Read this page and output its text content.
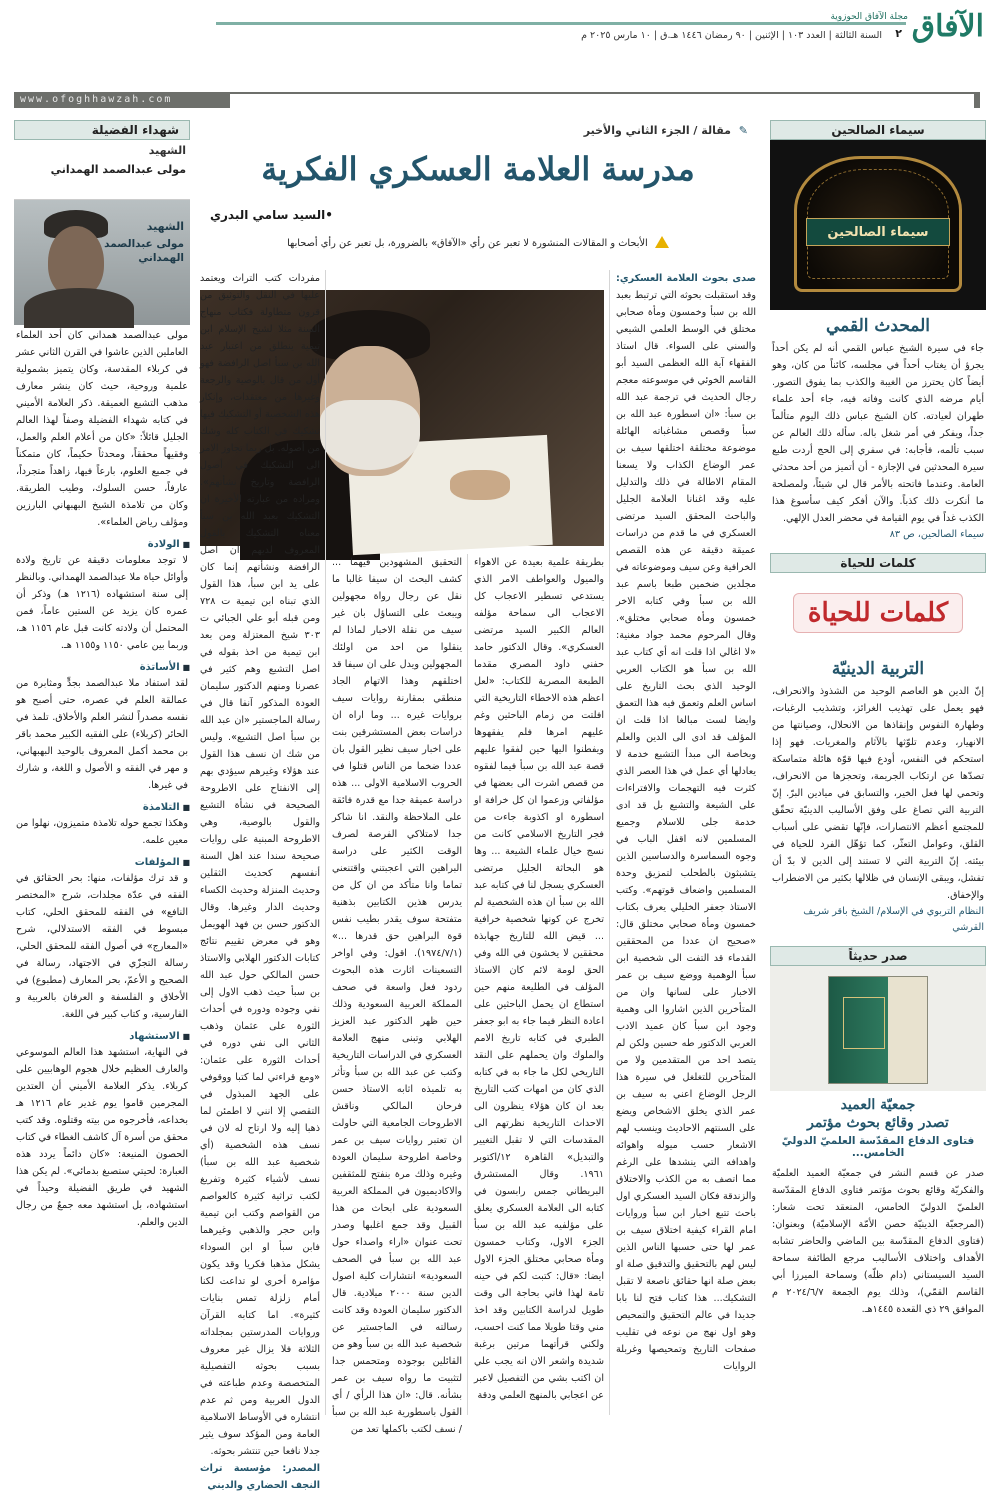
الآفاق
مجلة الآفاق الحوزوية
٢
السنة الثالثة | العدد ١٠٣ | الإثنين | ٩٠ رمضان ١٤٤٦ هـ.ق | ١٠ مارس ٢٠٢٥ م
www.ofoghhawzah.com
سيماء الصالحين
سيماء الصالحين
المحدث القمي
جاء في سيرة الشيخ عباس القمي أنه لم يكن أحداً يجرؤ أن يغتاب أحداً في مجلسه، كائناً من كان، وهو أيضاً كان يحترز من الغيبة والكذب بما يفوق التصور. أيام مرضه الذي كانت وفاته فيه، جاء أحد علماء طهران لعيادته. كان الشيخ عباس ذلك اليوم متألماً جداً، ويفكر في أمر شغل باله. سأله ذلك العالم عن سبب تألمه، فأجابه: في سفري إلى الحج أردت طبع سيرة المحدثين في الإجازة - أن أتميز من أحد محدثي العامة. وعندما فاتحته بالأمر قال لي شيئاً، ولمصلحة ما أنكرت ذلك كذباً. والآن أفكر كيف سأسوغ هذا الكذب غداً في يوم القيامة في محضر العدل الإلهي.
سيماء الصالحين، ص ٨٣
كلمات للحياة
كلمات للحياة
التربية الدينيّة
إنّ الدين هو العاصم الوحيد من الشذوذ والانحراف، فهو يعمل على تهذيب الغرائز، وتشذيب الرغبات، وطهارة النفوس وإنقاذها من الانحلال، وصيانتها من الانهيار، وعدم تلوّثها بالآثام والمغريات. فهو إذا استحكم في النفس، أودع فيها قوّة هائلة متماسكة تصدّها عن ارتكاب الجريمة، وتحجزها من الانحراف، وتحمي لها فعل الخير، والتسابق في ميادين البرّ. إنّ التربية التي تصاغ على وفق الأساليب الدينيّة تحقّق للمجتمع أعظم الانتصارات، فإنّها تقضي على أسباب القلق، وعوامل التعثّر، كما تؤهّل الفرد للحياة في بيئته. إنّ التربية التي لا تستند إلى الدين لا بدّ أن تفشل، ويبقى الإنسان في ظلالها بكثير من الاضطراب والإخفاق.
النظام التربوي في الإسلام/ الشيخ باقر شريف القرشي
صدر حديثاً
جمعيّة العميد
تصدر وقائع بحوث مؤتمر
فتاوى الدفاع المقدّسة العلميّ الدوليّ الخامس...
صدر عن قسم النشر في جمعيّة العميد العلميّة والفكريّة وقائع بحوث مؤتمر فتاوى الدفاع المقدّسة العلميّ الدوليّ الخامس، المنعقد تحت شعار: (المرجعيّة الدينيّة حصن الأمّة الإسلاميّة) وبعنوان: (فتاوى الدفاع المقدّسة بين الماضي والحاضر تشابه الأهداف واختلاف الأساليب مرجع الطائفة سماحة السيد السيستاني (دام ظلّه) وسماحة الميرزا أبي القاسم القمّي)، وذلك يوم الجمعة ٢٠٢٤/٦/٧ م الموافق ٢٩ ذي القعدة ١٤٤٥هـ.
شهداء الفضيلة
الشهيد
مولى عبدالصمد الهمداني
الشهيد
مولى عبدالصمد الهمداني
مولى عبدالصمد همداني كان أحد العلماء العاملين الذين عاشوا في القرن الثاني عشر في كربلاء المقدسة، وكان يتميز بشمولية علمية وروحية، حيث كان ينشر معارف مذهب التشيع العميقة. ذكر العلامة الأميني في كتابه شهداء الفضيلة وصفاً لهذا العالم الجليل قائلاً: «كان من أعلام العلم والعمل، وفقيهاً محققاً، ومحدثاً حكيماً، كان متمكناً في جميع العلوم، بارعاً فيها، زاهداً متجرداً، عارفاً، حسن السلوك، وطيب الطريقة. وكان من تلامذة الشيخ البهبهاني البارزين ومؤلف رياض العلماء».
■ الولادة
لا توجد معلومات دقيقة عن تاريخ ولادة وأوائل حياة ملا عبدالصمد الهمداني. وبالنظر إلى سنة استشهاده (١٢١٦ هـ) وذكر أن عمره كان يزيد عن الستين عاماً، فمن المحتمل أن ولادته كانت قبل عام ١١٥٦ هـ، وربما بين عامي ١١٥٠ و١١٥٥ هـ.
■ الأساتذة
لقد استفاد ملا عبدالصمد بجدٍّ ومثابرة من عمالقة العلم في عصره، حتى أصبح هو نفسه مصدراً لنشر العلم والأخلاق. تلمذ في الحائر (كربلاء) على الفقيه الكبير محمد باقر بن محمد أكمل المعروف بالوحيد البهبهاني، و مهر في الفقه و الأصول و اللغة، و شارك في غيرها.
■ التلامذة
وهكذا تجمع حوله تلامذة متميزون، نهلوا من معين علمه.
■ المؤلفات
و قد ترك مؤلفات، منها: بحر الحقائق في الفقه في عدّة مجلدات، شرح «المختصر النافع» في الفقه للمحقق الحلي، كتاب مبسوط في الفقه الاستدلالي، شرح «المعارج» في أصول الفقه للمحقق الحلي، رسالة التجزّي في الاجتهاد، رسالة في الصحيح و الأعمّ، بحر المعارف (مطبوع) في الأخلاق و الفلسفة و العرفان بالعربية و الفارسية، و كتاب كبير في اللغة.
■ الاستشهاد
في النهاية، استشهد هذا العالم الموسوعي والعارف العظيم خلال هجوم الوهابيين على كربلاء. يذكر العلامة الأميني أن العتدين المجرمين قاموا يوم غدير عام ١٢١٦ هـ بخداعه، فأخرجوه من بيته وقتلوه. وقد كتب محقق من أسرة آل كاشف الغطاء في كتاب الحصون المنيعة: «كان دائماً يردد هذه العبارة: لحيتي ستصبغ بدمائي». لم يكن هذا الشهيد في طريق الفضيلة وحيداً في استشهاده، بل استشهد معه جمعٌ من رجال الدين والعلم.
✎ مقالة / الجزء الثاني والأخير
مدرسة العلامة العسكري الفكرية
•السيد سامي البدري
الأبحاث و المقالات المنشورة لا تعبر عن رأي «الآفاق» بالضرورة، بل تعبر عن رأي أصحابها
صدى بحوث العلامة العسكري: وقد استقبلت بحوثه التي ترتبط بعبد الله بن سبأ وخمسون ومأة صحابي مختلق في الوسط العلمي الشيعي والسني على السواء. قال استاذ الفقهاء آية الله العظمى السيد أبو القاسم الخوئي في موسوعته معجم رجال الحديث في ترجمة عبد الله بن سبأ: «ان اسطورة عبد الله بن سبأ وقصص مشاغباته الهائلة موضوعة مختلقة اختلقها سيف بن عمر الوضاع الكذاب ولا يسعنا المقام الاطالة في ذلك والتدليل عليه وقد اغنانا العلامة الجليل والباحث المحقق السيد مرتضى العسكري في ما قدم من دراسات عميقة دقيقة عن هذه القصص الخرافية وعن سيف وموضوعاته في مجلدين ضخمين طبعا باسم عبد الله بن سبأ وفي كتابه الاخر خمسون ومأة صحابي مختلق». وقال المرحوم محمد جواد مغنية: «لا اغالي اذا قلت انه أي كتاب عبد الله بن سبأ هو الكتاب العربي الوحيد الذي بحث التاريخ على اساس العلم وتعمق فيه هذا التعمق وايضا لست مبالغا اذا قلت ان المؤلف قد ادى الى الدين والعلم وبخاصة الى مبدأ التشيع خدمة لا يعادلها أي عمل في هذا العصر الذي كثرت فيه التهجمات والافتراءات على الشيعة والتشيع بل قد ادى خدمة جلى للاسلام وجميع المسلمين لانه اقفل الباب في وجوه السماسرة والدساسين الذين يتشبثون بالطحلب لتمزيق وحدة المسلمين واضعاف قوتهم». وكتب الاستاذ جعفر الخليلي يعرف بكتاب خمسون ومأة صحابي مختلق قال: «صحيح ان عددا من المحققين القدماء قد التفت الى شخصية ابن سبأ الوهمية ووضع سيف بن عمر الاخبار على لسانها وان من المتأخرين الذين اشاروا الى وهمية وجود ابن سبأ كان عميد الادب العربي الدكتور طه حسين ولكن لم يتصد احد من المتقدمين ولا من المتأخرين للتغلغل في سيرة هذا الرجل الوضاع اعني به سيف بن عمر الذي يخلق الاشخاص ويضع على السنتهم الاحاديث وينسب لهم الاشعار حسب ميوله واهوائه واهدافه التي ينشدها على الرغم مما اتصف به من الكذب والاختلاق والزندقة فكان السيد العسكري اول باحث تتبع اخبار ابن سبأ وروايات امام القراء كيفية اختلاق سيف بن عمر لها حتى حسبها الناس الذين ليس لهم بالتحقيق والتدقيق صلة او بعض صلة انها حقائق ناصعة لا تقبل التشكيك... هذا كتاب فتح لنا بابا جديدا في عالم التحقيق والتمحيص وهو اول نهج من نوعه في تقليب صفحات التاريخ وتمحيصها وغربلة الروايات
بطريقة علمية بعيدة عن الاهواء والميول والعواطف الامر الذي يستدعي تسطير الاعجاب كل الاعجاب الى سماحة مؤلفه العالم الكبير السيد مرتضى العسكري». وقال الدكتور حامد حفني داود المصري مقدما الطبعة المصرية للكتاب: «لعل اعظم هذه الاخطاء التاريخية التي افلتت من زمام الباحثين وغم عليهم امرها فلم يفقهوها ويفطنوا اليها حين لفقوا عليهم قصة عبد الله بن سبأ فيما لفقوه من قصص اشرت الى بعضها في مؤلفاتي وزعموا ان كل خرافة او اسطورة او اكذوبة جاءت من فجر التاريخ الاسلامي كانت من نسج خيال علماء الشيعة ... وها هو البحاثة الجليل مرتضى العسكري يسجل لنا في كتابه عبد الله بن سبأ ان هذه الشخصية لم تخرج عن كونها شخصية خرافية ... قيض الله للتاريخ جهابذة محققين لا يخشون في الله وفي الحق لومة لائم كان الاستاذ المؤلف في الطليعة منهم حين استطاع ان يحمل الباحثين على اعادة النظر فيما جاء به ابو جعفر الطبري في كتابه تاريخ الامم والملوك وان يحملهم على النقد التاريخي لكل ما جاء به في كتابه الذي كان من امهات كتب التاريخ بعد ان كان هؤلاء ينظرون الى الاحداث التاريخية نظرتهم الى المقدسات التي لا تقبل التغيير والتبديل» القاهرة ١٢/اكتوبر ١٩٦١. وقال المستشرق البريطاني جمس رابسون في كتابه الى العلامة العسكري يعلق على مؤلفيه عبد الله بن سبأ الجزء الاول، وكتاب خمسون ومأة صحابي مختلق الجزء الاول ايضا: «قال: كتبت لكم في حينه تامة لهذا فاني بحاجة الى وقت طويل لدراسة الكتابين وقد اخذ مني وقتا طويلا مما كنت احسب، ولكني قرأتهما مرتين برغبة شديدة واشعر الان انه يجب علي ان اكتب بشي من التفصيل لاعبر عن اعجابي بالمنهج العلمي ودقة
التحقيق المشهودين فيهما ... كشف البحث ان سيفا غالبا ما نقل عن رجال رواة مجهولين ويبعث على التساؤل بان غير سيف من نقلة الاخبار لماذا لم ينقلوا من احد من اولئك المجهولين ويدل على ان سيفا قد اختلقهم وهذا الاتهام الجاد منطقي بمقارنة روايات سيف بروايات غيره ... وما اراه ان دراسات بعض المستشرقين بنت على اخبار سيف نظير القول بان عددا ضخما من الناس قتلوا في الحروب الاسلامية الاولى ... هذه دراسة عميقة جدا مع قدرة فائقة على الملاحظة والنقد. انا شاكر جدا لامتلاكي الفرصة لصرف الوقت الكثير على دراسة البراهين التي اعجبتني واقتنعني تماما وانا متأكد من ان كل من يدرس هذين الكتابين بذهنية متفتحة سوف يقدر بطيب نفس قوة البراهين حق قدرها ...» (١٩٧٤/٧/١). اقول: وفي اواخر التسعينات اثارت هذه البحوث ردود فعل واسعة في صحف المملكة العربية السعودية وذلك حين ظهر الدكتور عبد العزيز الهلابي وتبنى منهج العلامة العسكري في الدراسات التاريخية وكتب عن عبد الله بن سبأ وتأثر به تلميذه اثابه الاستاذ حسن فرحان المالكي وناقش الاطروحات الجامعية التي حاولت ان تعتبر روايات سيف بن عمر وخاصة اطروحة سليمان العودة وغيره وذلك مرة بنفتح للمثقفين والاكاديميون في المملكة العربية السعودية على ابحاث من هذا القبيل وقد جمع اغلبها وصدر تحت عنوان «اراء واصداء حول عبد الله بن سبأ في الصحف السعودية» انتشارات كلية اصول الدين سنة ٢٠٠٠ ميلادية. قال الدكتور سليمان العودة وقد كانت رسالته في الماجستير عن شخصية عبد الله بن سبأ وهو من القائلين بوجوده ومتحمس جدا لتثبيت ما رواه سيف بن عمر بشأنه. قال: «ان هذا الرأي / أي القول باسطورية عبد الله بن سبأ / نسف لكتب باكملها تعد من
مفردات كتب التراث ويعتمد عليها في النقل والتوثيق من قرون متطاولة فكتاب منهاج السنة مثلا لشيخ الإسلام ابن تيمية ينطلق من اعتبار عبد الله بن سبأ اصل الرافضة فهو أول من قال بالوصية والرجعة وغيرها من معتقدات، وإنكار هذه الشخصية أو التشكيك فيها تشكيك في الكتاب كله وشك من أصوله. بل ربما تجاوز الامر الى التشكيك في أصول الرافضة وتاريخ نشأتهم». ومراده من عبارته الأخيرة ان التشكيك بعبد الله بن سبأ معناه التشكيك بالقول المعروف لديهم ان اصل الرافضة ونشأتهم إنما كان على يد ابن سبأ، هذا القول الذي تبناه ابن تيمية ت ٧٢٨ ومن قبله أبو علي الجبائي ت ٣٠٣ شيخ المعتزلة ومن بعد ابن تيمية من اخذ بقوله في اصل التشيع وهم كثير في عصرنا ومنهم الدكتور سليمان العودة المذكور آنفا قال في رسالة الماجستير «ان عبد الله بن سبأ اصل التشيع». وليس من شك ان نسف هذا القول عند هؤلاء وغيرهم سيؤدي بهم إلى الانفتاح على الاطروحة الصحيحة في نشأة التشيع والقول بالوصية، وهي الاطروحة المبنية على روايات صحيحة سندا عند اهل السنة أنفسهم كحديث الثقلين وحديث المنزلة وحديث الكساء وحديث الدار وغيرها. وقال الدكتور حسن بن فهد الهويمل وهو في معرض تقييم نتائج كتابات الدكتور الهلابي والاستاذ حسن المالكي حول عبد الله بن سبأ حيث ذهب الاول إلى نفي وجوده ودوره في أحداث الثورة على عثمان وذهب الثاني الى نفي دوره في أحداث الثورة على عثمان: «ومع قراءتي لما كتبا ووقوفي على الجهد المبذول في التقصي إلا انني لا اطمئن لما ذهبا إليه ولا ارتاح له لان في نسف هذه الشخصية (أي شخصية عبد الله بن سبأ) نسف لأشياء كثيرة وتفريغ لكتب تراثية كثيرة كالعواصم من القواصم وكتب ابن تيمية وابن حجر والذهبي وغيرهما فابن سبأ او ابن السوداء يشكل مذهبا فكريا وقد يكون مؤامرة أخرى لو تداعت لكنا أمام زلزلة تمس بنايات كثيرة». اما كتابه القرآن وروايات المدرستين بمجلداته الثلاثة فلا يزال غير معروف بسبب بحوثه التفصيلية المتخصصة وعدم طباعته في الدول العربية ومن ثم عدم انتشاره في الأوساط الاسلامية العامة ومن المؤكد سوف يثير جدلا نافعا حين تنتشر بحوثه.
المصدر: مؤسسة تراث النجف الحضاري والديني
